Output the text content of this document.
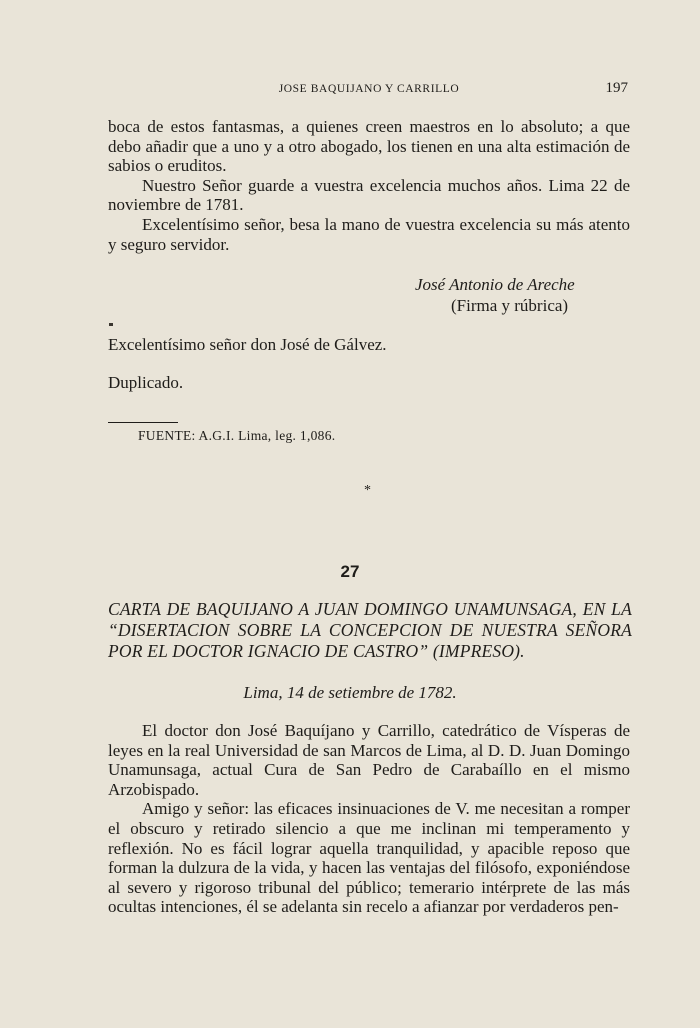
JOSE BAQUIJANO Y CARRILLO	197

boca de estos fantasmas, a quienes creen maestros en lo absoluto; a que debo añadir que a uno y a otro abogado, los tienen en una alta estimación de sabios o eruditos.

Nuestro Señor guarde a vuestra excelencia muchos años. Lima 22 de noviembre de 1781.

Excelentísimo señor, besa la mano de vuestra excelencia su más atento y seguro servidor.

José Antonio de Areche
(Firma y rúbrica)
Excelentísimo señor don José de Gálvez.
Duplicado.
FUENTE: A.G.I. Lima, leg. 1,086.
*
27
CARTA DE BAQUIJANO A JUAN DOMINGO UNAMUNSAGA, EN LA “DISERTACION SOBRE LA CONCEPCION DE NUESTRA SEÑORA POR EL DOCTOR IGNACIO DE CASTRO” (IMPRESO).
Lima, 14 de setiembre de 1782.

El doctor don José Baquíjano y Carrillo, catedrático de Vísperas de leyes en la real Universidad de san Marcos de Lima, al D. D. Juan Domingo Unamunsaga, actual Cura de San Pedro de Carabaíllo en el mismo Arzobispado.

Amigo y señor: las eficaces insinuaciones de V. me necesitan a romper el obscuro y retirado silencio a que me inclinan mi temperamento y reflexión. No es fácil lograr aquella tranquilidad, y apacible reposo que forman la dulzura de la vida, y hacen las ventajas del filósofo, exponiéndose al severo y rigoroso tribunal del público; temerario intérprete de las más ocultas intenciones, él se adelanta sin recelo a afianzar por verdaderos pen-
